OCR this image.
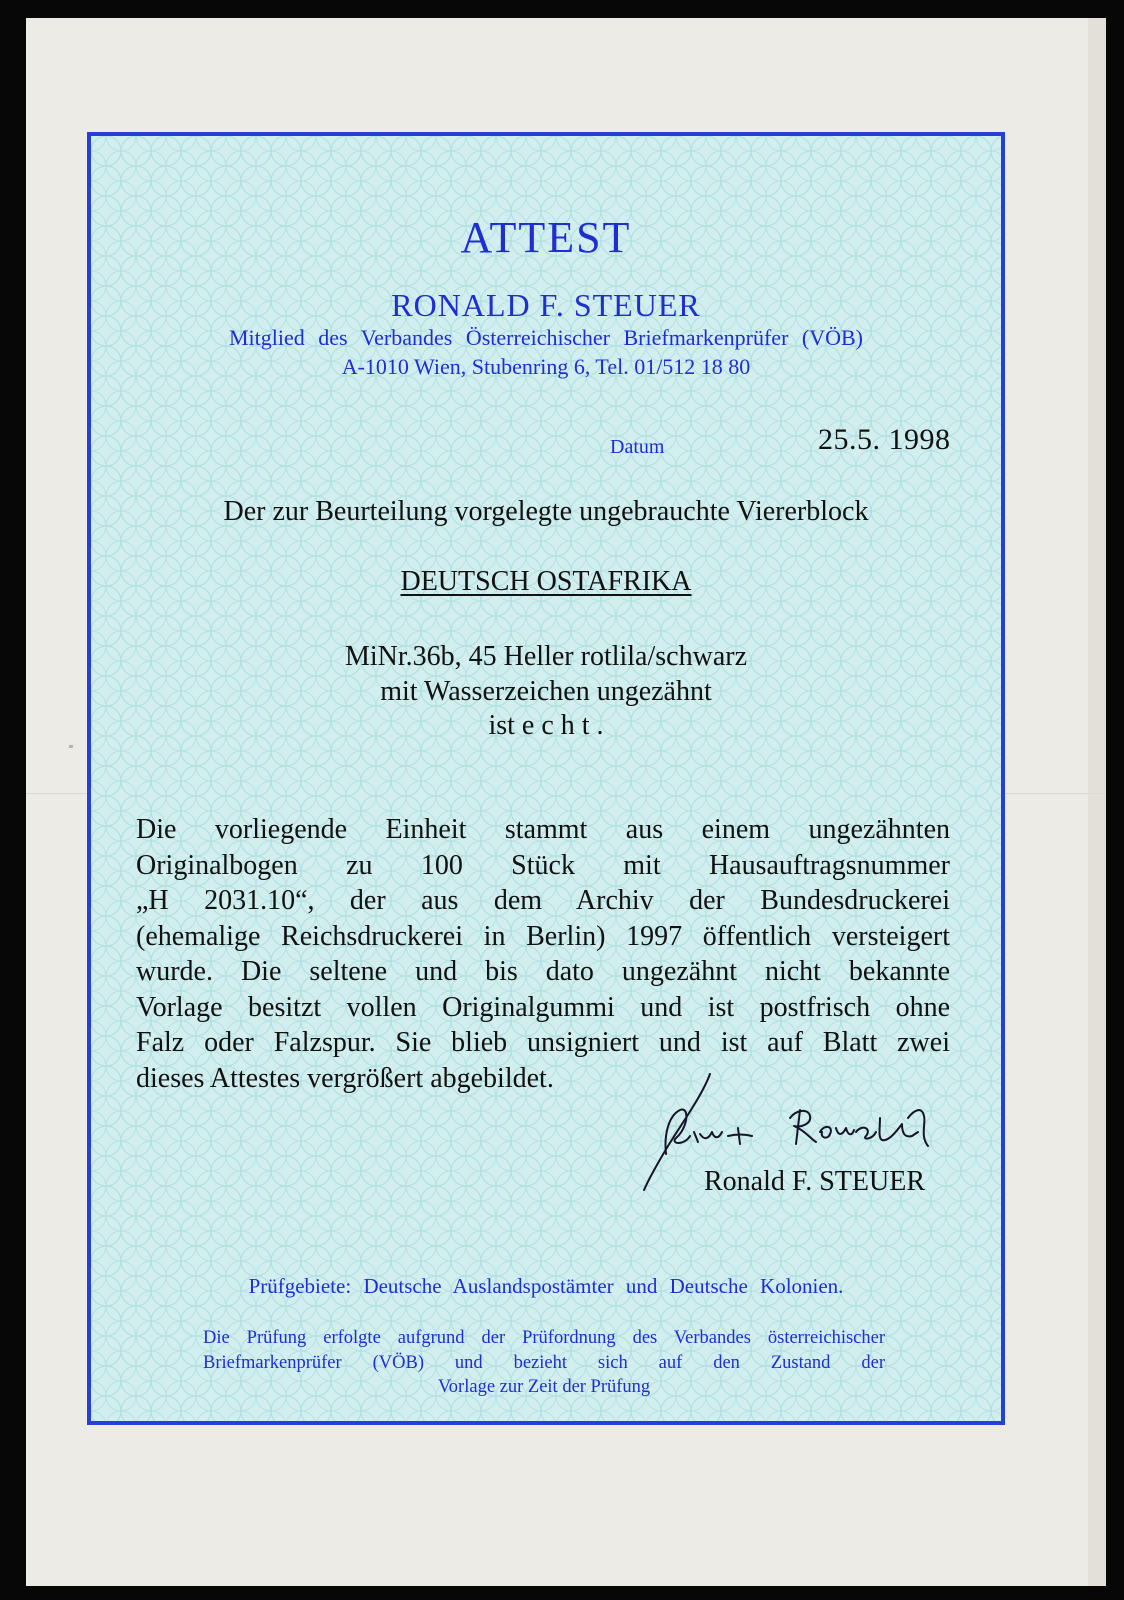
ATTEST
RONALD F. STEUER
Mitglied des Verbandes Österreichischer Briefmarkenprüfer (VÖB)
A-1010 Wien, Stubenring 6, Tel. 01/512 18 80
Datum	25.5. 1998
Der zur Beurteilung vorgelegte ungebrauchte Viererblock
DEUTSCH OSTAFRIKA
MiNr.36b, 45 Heller rotlila/schwarz
mit Wasserzeichen ungezähnt
ist e c h t .
Die vorliegende Einheit stammt aus einem ungezähnten
Originalbogen zu 100 Stück mit Hausauftragsnummer
„H 2031.10“, der aus dem Archiv der Bundesdruckerei
(ehemalige Reichsdruckerei in Berlin) 1997 öffentlich versteigert
wurde. Die seltene und bis dato ungezähnt nicht bekannte
Vorlage besitzt vollen Originalgummi und ist postfrisch ohne
Falz oder Falzspur. Sie blieb unsigniert und ist auf Blatt zwei
dieses Attestes vergrößert abgebildet.
Ronald F. STEUER
Prüfgebiete: Deutsche Auslandspostämter und Deutsche Kolonien.
Die Prüfung erfolgte aufgrund der Prüfordnung des Verbandes österreichischer
Briefmarkenprüfer (VÖB) und bezieht sich auf den Zustand der
Vorlage zur Zeit der Prüfung
